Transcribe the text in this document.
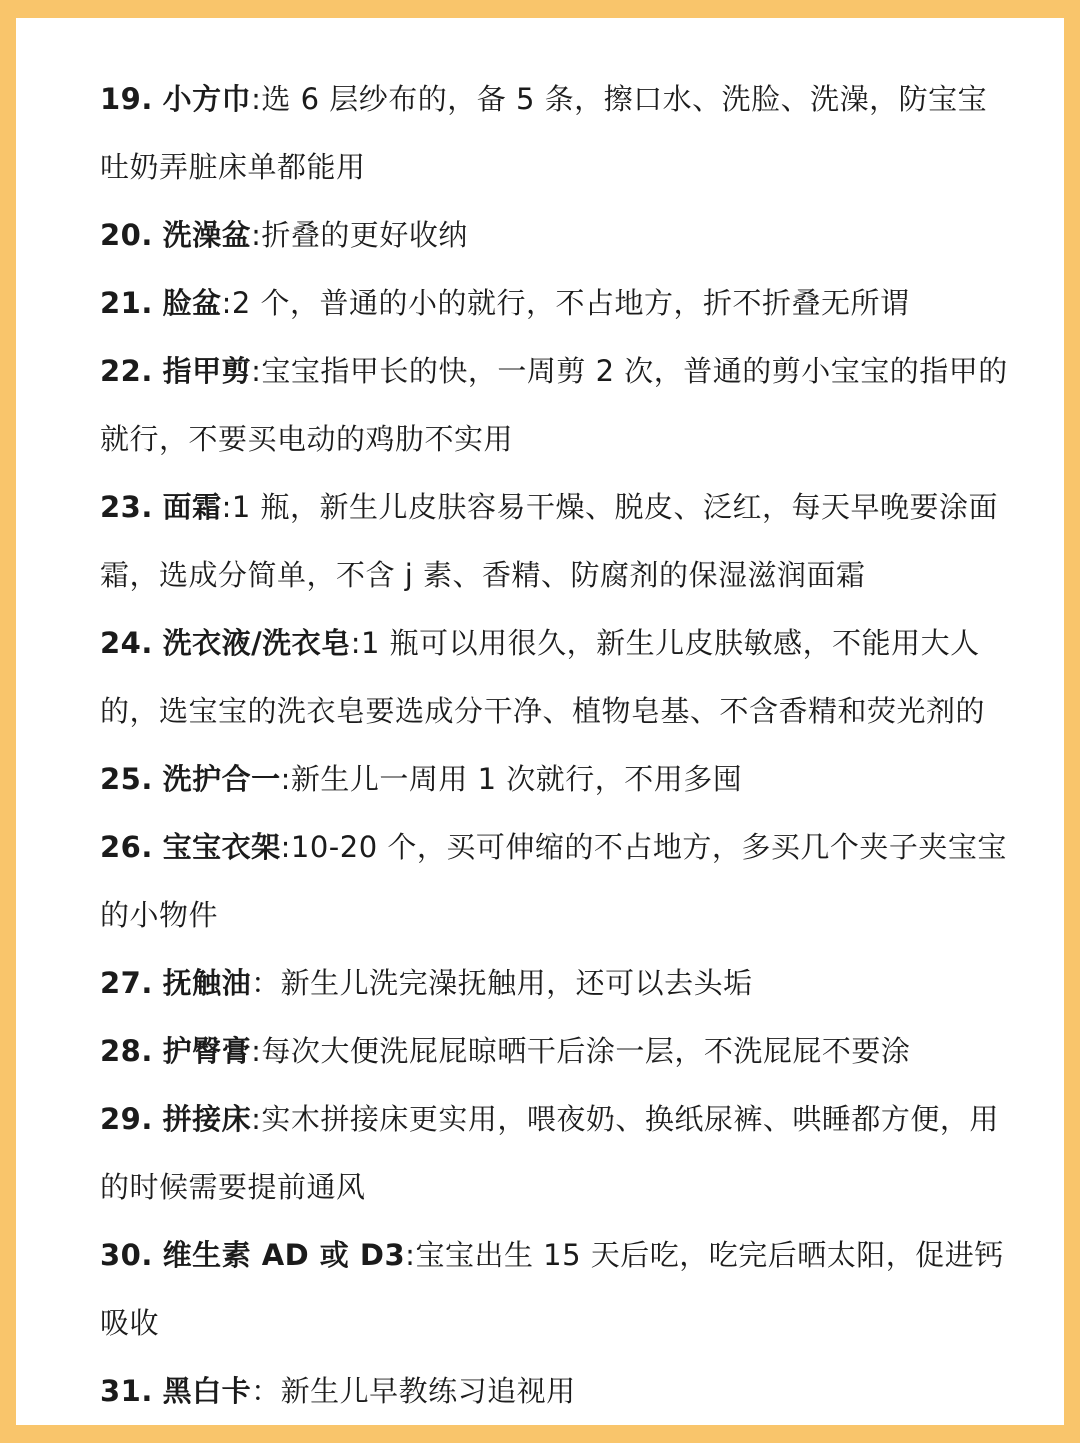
19. 小方巾:选 6 层纱布的，备 5 条，擦口水、洗脸、洗澡，防宝宝吐奶弄脏床单都能用
20. 洗澡盆:折叠的更好收纳
21. 脸盆:2 个，普通的小的就行，不占地方，折不折叠无所谓
22. 指甲剪:宝宝指甲长的快，一周剪 2 次，普通的剪小宝宝的指甲的就行，不要买电动的鸡肋不实用
23. 面霜:1 瓶，新生儿皮肤容易干燥、脱皮、泛红，每天早晚要涂面霜，选成分简单，不含 j 素、香精、防腐剂的保湿滋润面霜
24. 洗衣液/洗衣皂:1 瓶可以用很久，新生儿皮肤敏感，不能用大人的，选宝宝的洗衣皂要选成分干净、植物皂基、不含香精和荧光剂的
25. 洗护合一:新生儿一周用 1 次就行，不用多囤
26. 宝宝衣架:10-20 个，买可伸缩的不占地方，多买几个夹子夹宝宝的小物件
27. 抚触油：新生儿洗完澡抚触用，还可以去头垢
28. 护臀膏:每次大便洗屁屁晾晒干后涂一层，不洗屁屁不要涂
29. 拼接床:实木拼接床更实用，喂夜奶、换纸尿裤、哄睡都方便，用的时候需要提前通风
30. 维生素 AD 或 D3:宝宝出生 15 天后吃，吃完后晒太阳，促进钙吸收
31. 黑白卡：新生儿早教练习追视用
